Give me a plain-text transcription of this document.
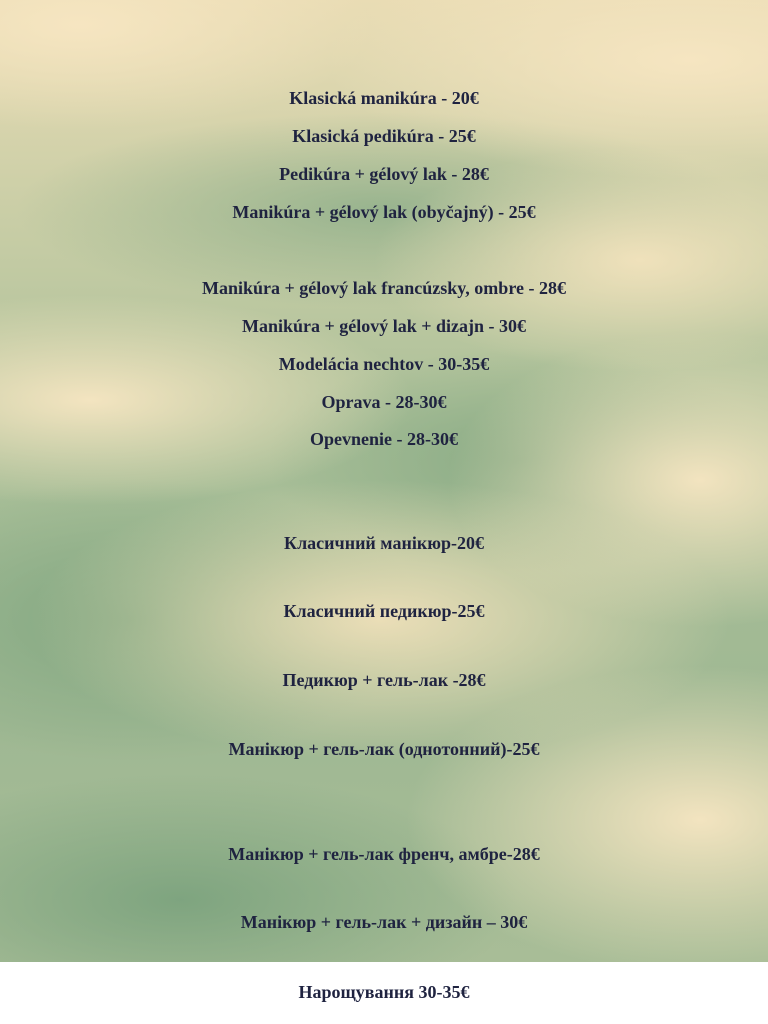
Klasická manikúra - 20€
Klasická pedikúra - 25€
Pedikúra + gélový lak - 28€
Manikúra + gélový lak (obyčajný) - 25€
Manikúra + gélový lak francúzsky, ombre - 28€
Manikúra + gélový lak + dizajn - 30€
Modelácia nechtov - 30-35€
Oprava - 28-30€
Opevnenie - 28-30€
Класичний манікюр-20€
Класичний педикюр-25€
Педикюр + гель-лак -28€
Манікюр + гель-лак (однотонний)-25€
Манікюр + гель-лак френч, амбре-28€
Манікюр + гель-лак + дизайн – 30€
Нарощування 30-35€
